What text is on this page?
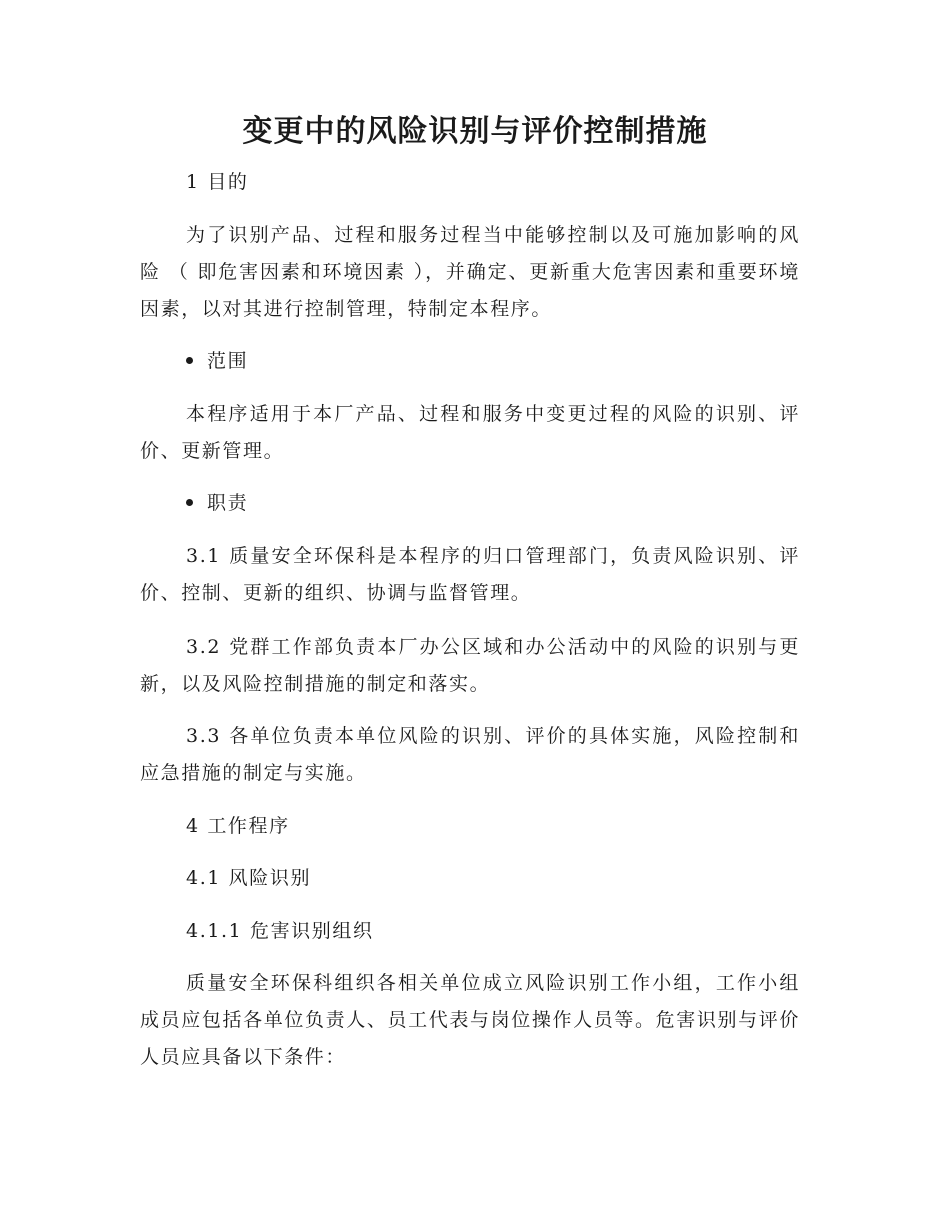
变更中的风险识别与评价控制措施

1 目的

为了识别产品、过程和服务过程当中能够控制以及可施加影响的风险 （ 即危害因素和环境因素 ），并确定、更新重大危害因素和重要环境因素，以对其进行控制管理，特制定本程序。

范围

本程序适用于本厂产品、过程和服务中变更过程的风险的识别、评价、更新管理。

职责

3.1 质量安全环保科是本程序的归口管理部门，负责风险识别、评价、控制、更新的组织、协调与监督管理。

3.2 党群工作部负责本厂办公区域和办公活动中的风险的识别与更新，以及风险控制措施的制定和落实。

3.3 各单位负责本单位风险的识别、评价的具体实施，风险控制和应急措施的制定与实施。

4 工作程序

4.1 风险识别

4.1.1 危害识别组织

质量安全环保科组织各相关单位成立风险识别工作小组，工作小组成员应包括各单位负责人、员工代表与岗位操作人员等。危害识别与评价人员应具备以下条件：
